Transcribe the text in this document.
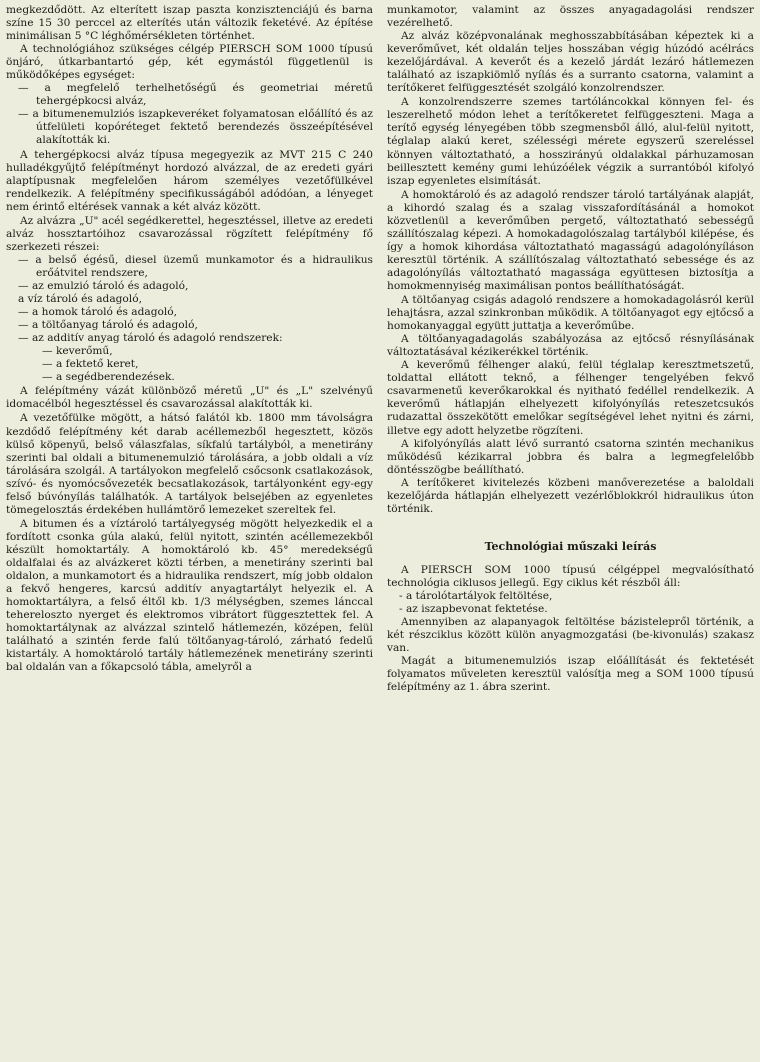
megkezdődött. Az elterített iszap paszta konzisztenciájú és barna színe 15 30 perccel az elterítés után változik feketévé. Az építése minimálisan 5 °C léghőmérsékleten történhet.

A technológiához szükséges célgép PIERSCH SOM 1000 típusú önjáró, útkarbantartó gép, két egymástól függetlenül is működőképes egységet:

— a megfelelő terhelhetőségű és geometriai méretű tehergépkocsi alváz,

— a bitumenemulziós iszapkeveréket folyamatosan előállító és az útfelületi kopóréteget fektető berendezés összeépítésével alakították ki.

A tehergépkocsi alváz típusa megegyezik az MVT 215 C 240 hulladékgyűjtő felépítményt hordozó alvázzal, de az eredeti gyári alaptípusnak megfelelően három személyes vezetőfülkével rendelkezik. A felépítmény specifikusságából adódóan, a lényeget nem érintő eltérések vannak a két alváz között.

Az alvázra „U" acél segédkerettel, hegesztéssel, illetve az eredeti alváz hossztartóihoz csavarozással rögzített felépítmény fő szerkezeti részei:

— a belső égésű, diesel üzemű munkamotor és a hidraulikus erőátvitel rendszere,

— az emulzió tároló és adagoló,

a víz tároló és adagoló,

— a homok tároló és adagoló,

— a töltőanyag tároló és adagoló,

— az additív anyag tároló és adagoló rendszerek:

— keverőmű,

— a fektető keret,

— a segédberendezések.

A felépítmény vázát különböző méretű „U" és „L" szelvényű idomacélból hegesztéssel és csavarozással alakították ki.

A vezetőfülke mögött, a hátsó falától kb. 1800 mm távolságra kezdődő felépítmény két darab acéllemezből hegesztett, közös külső köpenyű, belső válaszfalas, síkfalú tartályból, a menetirány szerinti bal oldali a bitumenemulzió tárolására, a jobb oldali a víz tárolására szolgál. A tartályokon megfelelő csőcsonk csatlakozások, szívó- és nyomócsővezeték becsatlakozások, tartályonként egy-egy felső búvónyílás találhatók. A tartályok belsejében az egyenletes tömegelosztás érdekében hullámtörő lemezeket szereltek fel.

A bitumen és a víztároló tartályegység mögött helyezkedik el a fordított csonka gúla alakú, felül nyitott, szintén acéllemezekből készült homoktartály. A homoktároló kb. 45° meredekségű oldalfalai és az alvázkeret közti térben, a menetirány szerinti bal oldalon, a munkamotort és a hidraulika rendszert, míg jobb oldalon a fekvő hengeres, karcsú additív anyagtartályt helyezik el. A homoktartályra, a felső éltől kb. 1/3 mélységben, szemes lánccal tehereloszto nyerget és elektromos vibrátort függesztettek fel. A homoktartálynak az alvázzal szintelő hátlemezén, középen, felül található a szintén ferde falú töltőanyag-tároló, zárható fedelű kistartály. A homoktároló tartály hátlemezének menetirány szerinti bal oldalán van a főkapcsoló tábla, amelyről a

munkamotor, valamint az összes anyagadagolási rendszer vezérelhető.

Az alváz középvonalának meghosszabbításában képeztek ki a keverőművet, két oldalán teljes hosszában végig húzódó acélrács kezelőjárdával. A keverőt és a kezelő járdát lezáró hátlemezen található az iszapkiömlő nyílás és a surranto csatorna, valamint a terítőkeret felfüggesztését szolgáló konzolrendszer.

A konzolrendszerre szemes tartóláncokkal könnyen fel- és leszerelhető módon lehet a terítőkeretet felfüggeszteni. Maga a terítő egység lényegében több szegmensből álló, alul-felül nyitott, téglalap alakú keret, szélességi mérete egyszerű szereléssel könnyen változtatható, a hosszirányú oldalakkal párhuzamosan beillesztett kemény gumi lehúzóélek végzik a surrantóból kifolyó iszap egyenletes elsimítását.

A homoktároló és az adagoló rendszer tároló tartályának alapját, a kihordó szalag és a szalag visszafordításánál a homokot közvetlenül a keverőműben pergető, változtatható sebességű szállítószalag képezi. A homokadagolószalag tartályból kilépése, és így a homok kihordása változtatható magasságú adagolónyíláson keresztül történik. A szállítószalag változtatható sebessége és az adagolónyílás változtatható magassága együttesen biztosítja a homokmennyiség maximálisan pontos beállíthatóságát.

A töltőanyag csigás adagoló rendszere a homokadagolásról kerül lehajtásra, azzal szinkronban működik. A töltőanyagot egy ejtőcső a homokanyaggal együtt juttatja a keverőműbe.

A töltőanyagadagolás szabályozása az ejtőcső résnyílásának változtatásával kézikerékkel történik.

A keverőmű félhenger alakú, felül téglalap keresztmetszetű, toldattal ellátott teknő, a félhenger tengelyében fekvő csavarmenetű keverőkarokkal és nyitható fedéllel rendelkezik. A keverőmű hátlapján elhelyezett kifolyónyílás reteszetcsukós rudazattal összekötött emelőkar segítségével lehet nyitni és zárni, illetve egy adott helyzetbe rögzíteni.

A kifolyónyílás alatt lévő surrantó csatorna szintén mechanikus működésű kézikarral jobbra és balra a legmegfelelőbb döntésszögbe beállítható.

A terítőkeret kivitelezés közbeni manőverezetése a baloldali kezelőjárda hátlapján elhelyezett vezérlőblokkról hidraulikus úton történik.

Technológiai műszaki leírás

A PIERSCH SOM 1000 típusú célgéppel megvalósítható technológia ciklusos jellegű. Egy ciklus két részből áll:

- a tárolótartályok feltöltése,

- az iszapbevonat fektetése.

Amennyiben az alapanyagok feltöltése bázistelepről történik, a két részciklus között külön anyagmozgatási (be-kivonulás) szakasz van.

Magát a bitumenemulziós iszap előállítását és fektetését folyamatos műveleten keresztül valósítja meg a SOM 1000 típusú felépítmény az 1. ábra szerint.
